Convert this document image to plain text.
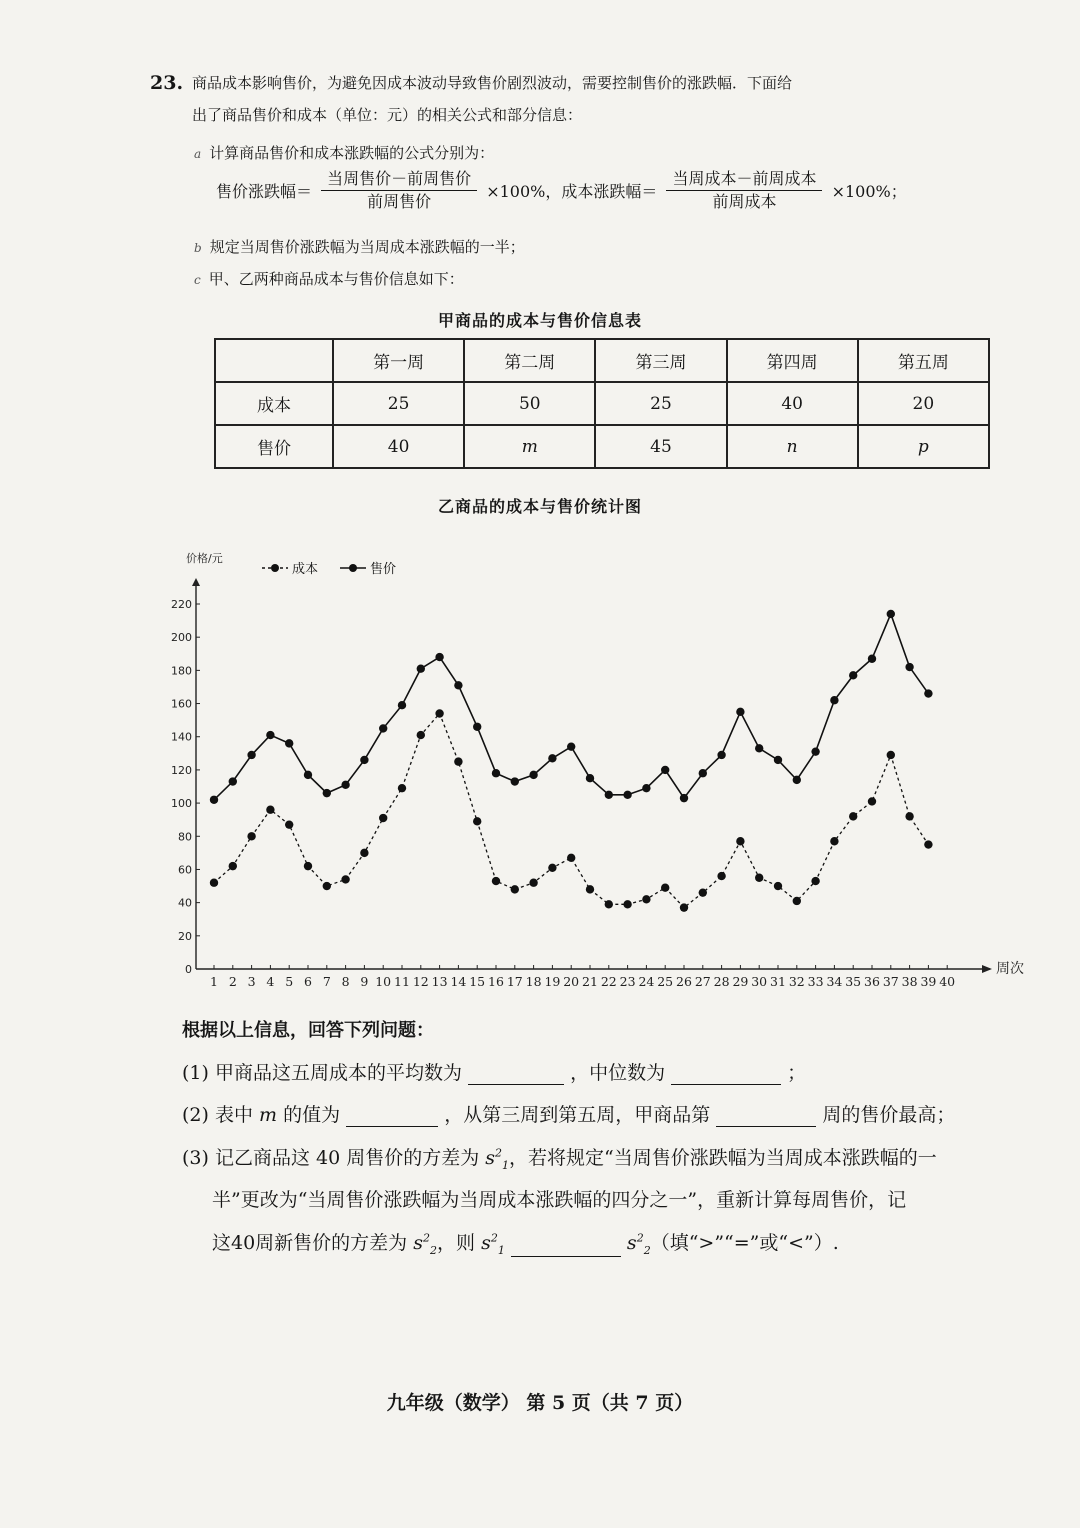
23. 商品成本影响售价，为避免因成本波动导致售价剧烈波动，需要控制售价的涨跌幅．下面给
出了商品售价和成本（单位：元）的相关公式和部分信息：
a 计算商品售价和成本涨跌幅的公式分别为：
售价涨跌幅＝ $\frac{\text{当周售价－前周售价}}{\text{前周售价}} \times 100\%$，成本涨跌幅＝ $\frac{\text{当周成本－前周成本}}{\text{前周成本}} \times 100\%$；
b 规定当周售价涨跌幅为当周成本涨跌幅的一半；
c 甲、乙两种商品成本与售价信息如下：
甲商品的成本与售价信息表
	第一周	第二周	第三周	第四周	第五周
成本	25	50	25	40	20
售价	40	m	45	n	p
乙商品的成本与售价统计图
价格/元
周次
0
20
40
60
80
100
120
140
160
180
200
220
1 2 3 4 5 6 7 8 9 10 11 12 13 14 15 16 17 18 19 20 21 22 23 24 25 26 27 28 29 30 31 32 33 34 35 36 37 38 39 40
成本	售价
根据以上信息，回答下列问题：
(1) 甲商品这五周成本的平均数为	，中位数为	；
(2) 表中 m 的值为	，从第三周到第五周，甲商品第	周的售价最高；
(3) 记乙商品这 40 周售价的方差为 $s^2_1$，若将规定“当周售价涨跌幅为当周成本涨跌幅的一
半”更改为“当周售价涨跌幅为当周成本涨跌幅的四分之一”，重新计算每周售价，记
这40周新售价的方差为 $s^2_2$，则 $s^2_1$	$s^2_2$（填“>”“=”或“<”）.
九年级（数学） 第 5 页（共 7 页）
